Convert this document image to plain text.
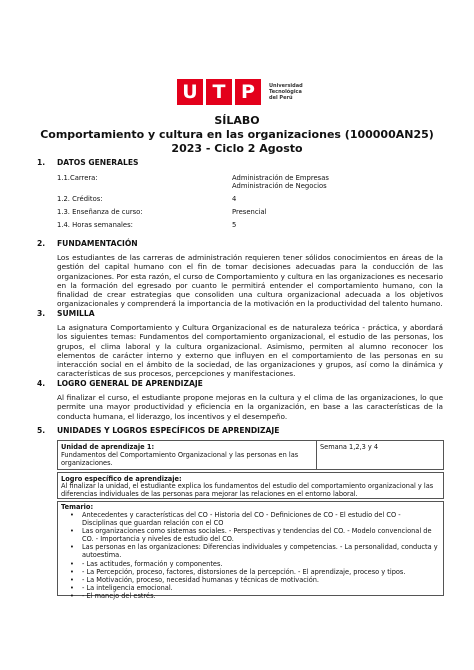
U T P	Universidad Tecnológica del Perú
SÍLABO
Comportamiento y cultura en las organizaciones (100000AN25)
2023 - Ciclo 2 Agosto
1. DATOS GENERALES
1.1.Carrera:	Administración de Empresas
Administración de Negocios
1.2. Créditos:	4
1.3. Enseñanza de curso:	Presencial
1.4. Horas semanales:	5
2. FUNDAMENTACIÓN
Los estudiantes de las carreras de administración requieren tener sólidos conocimientos en áreas de la gestión del capital humano con el fin de tomar decisiones adecuadas para la conducción de las organizaciones. Por esta razón, el curso de Comportamiento y cultura en las organizaciones es necesario en la formación del egresado por cuanto le permitirá entender el comportamiento humano, con la finalidad de crear estrategias que consoliden una cultura organizacional adecuada a los objetivos organizacionales y comprenderá la importancia de la motivación en la productividad del talento humano.
3. SUMILLA
La asignatura Comportamiento y Cultura Organizacional es de naturaleza teórica - práctica, y abordará los siguientes temas: Fundamentos del comportamiento organizacional, el estudio de las personas, los grupos, el clima laboral y la cultura organizacional. Asimismo, permiten al alumno reconocer los elementos de carácter interno y externo que influyen en el comportamiento de las personas en su interacción social en el ámbito de la sociedad, de las organizaciones y grupos, así como la dinámica y características de sus procesos, percepciones y manifestaciones.
4. LOGRO GENERAL DE APRENDIZAJE
Al finalizar el curso, el estudiante propone mejoras en la cultura y el clima de las organizaciones, lo que permite una mayor productividad y eficiencia en la organización, en base a las características de la conducta humana, el liderazgo, los incentivos y el desempeño.
5. UNIDADES Y LOGROS ESPECÍFICOS DE APRENDIZAJE
Unidad de aprendizaje 1:
Fundamentos del Comportamiento Organizacional y las personas en las organizaciones.
Semana 1,2,3 y 4
Logro específico de aprendizaje:
Al finalizar la unidad, el estudiante explica los fundamentos del estudio del comportamiento organizacional y las diferencias individuales de las personas para mejorar las relaciones en el entorno laboral.
Temario:
• Antecedentes y características del CO - Historia del CO - Definiciones de CO - El estudio del CO - Disciplinas que guardan relación con el CO
• Las organizaciones como sistemas sociales. - Perspectivas y tendencias del CO. - Modelo convencional de CO. - Importancia y niveles de estudio del CO.
• Las personas en las organizaciones: Diferencias individuales y competencias. - La personalidad, conducta y autoestima.
• - Las actitudes, formación y componentes.
• - La Percepción, proceso, factores, distorsiones de la percepción. - El aprendizaje, proceso y tipos.
• - La Motivación, proceso, necesidad humanas y técnicas de motivación.
• - La inteligencia emocional.
• - El manejo del estrés.
